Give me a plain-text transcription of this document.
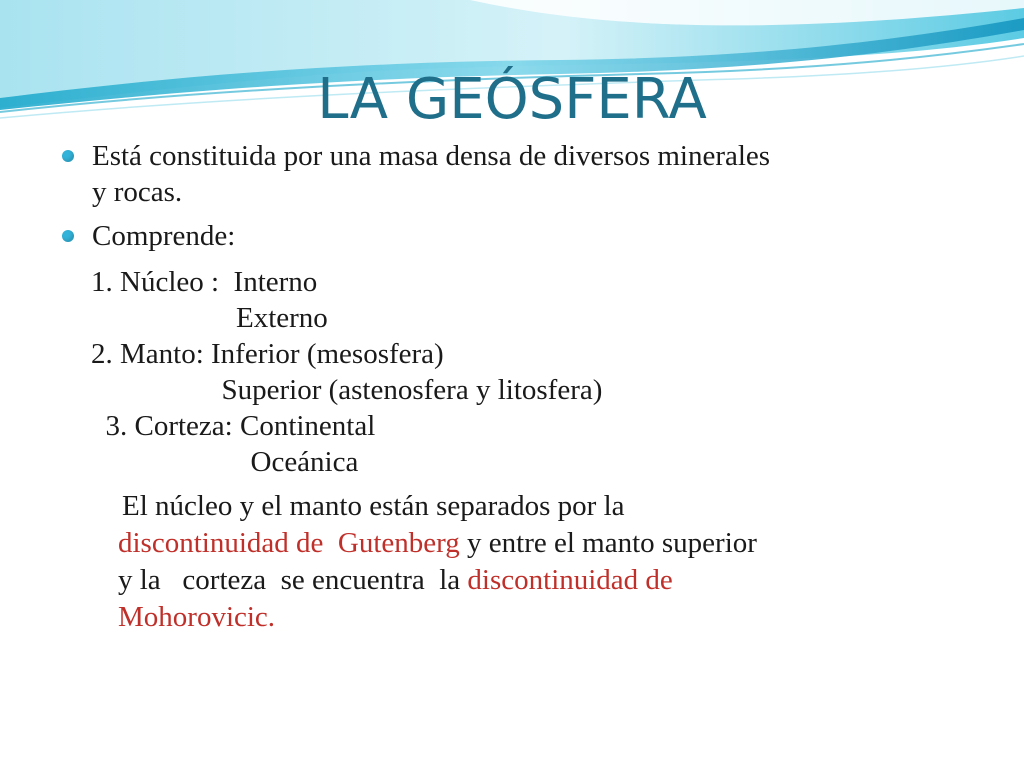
LA GEÓSFERA
Está constituida por una masa densa de diversos minerales
y rocas.
Comprende:
1. Núcleo :  Interno
Externo
2. Manto: Inferior (mesosfera)
Superior (astenosfera y litosfera)
3. Corteza: Continental
Oceánica
El núcleo y el manto están separados por la
discontinuidad de  Gutenberg y entre el manto superior
y la   corteza  se encuentra  la discontinuidad de
Mohorovicic.
